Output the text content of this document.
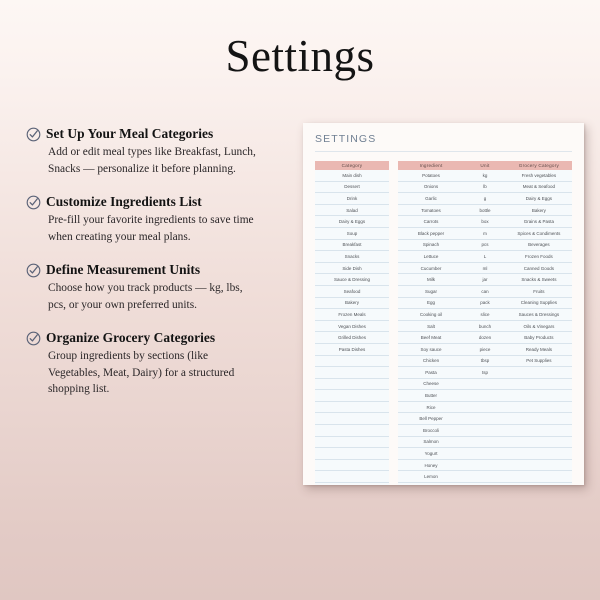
Settings
Set Up Your Meal Categories
Add or edit meal types like Breakfast, Lunch, Snacks — personalize it before planning.
Customize Ingredients List
Pre-fill your favorite ingredients to save time when creating your meal plans.
Define Measurement Units
Choose how you track products — kg, lbs, pcs, or your own preferred units.
Organize Grocery Categories
Group ingredients by sections (like Vegetables, Meat, Dairy) for a structured shopping list.
SETTINGS
Category
Main dish
Dessert
Drink
Salad
Dairy & Eggs
Soup
Breakfast
Snacks
Side Dish
Sauce & Dressing
Seafood
Bakery
Frozen Meals
Vegan Dishes
Grilled Dishes
Pasta Dishes

Ingredient	Unit	Grocery Category
Potatoes	kg	Fresh vegetables
Onions	lb	Meat & Seafood
Garlic	g	Dairy & Eggs
Tomatoes	bottle	Bakery
Carrots	box	Grains & Pasta
Black pepper	m	Spices & Condiments
Spinach	pcs	Beverages
Lettuce	L	Frozen Foods
Cucumber	ml	Canned Goods
Milk	jar	Snacks & Sweets
Sugar	can	Fruits
Egg	pack	Cleaning Supplies
Cooking oil	slice	Sauces & Dressings
Salt	bunch	Oils & Vinegars
Beef Meat	dozen	Baby Products
Soy sauce	piece	Ready Meals
Chicken	tbsp	Pet Supplies
Pasta	tsp	
Cheese		
Butter		
Rice		
Bell Pepper		
Broccoli		
Salmon		
Yogurt		
Honey		
Lemon		
